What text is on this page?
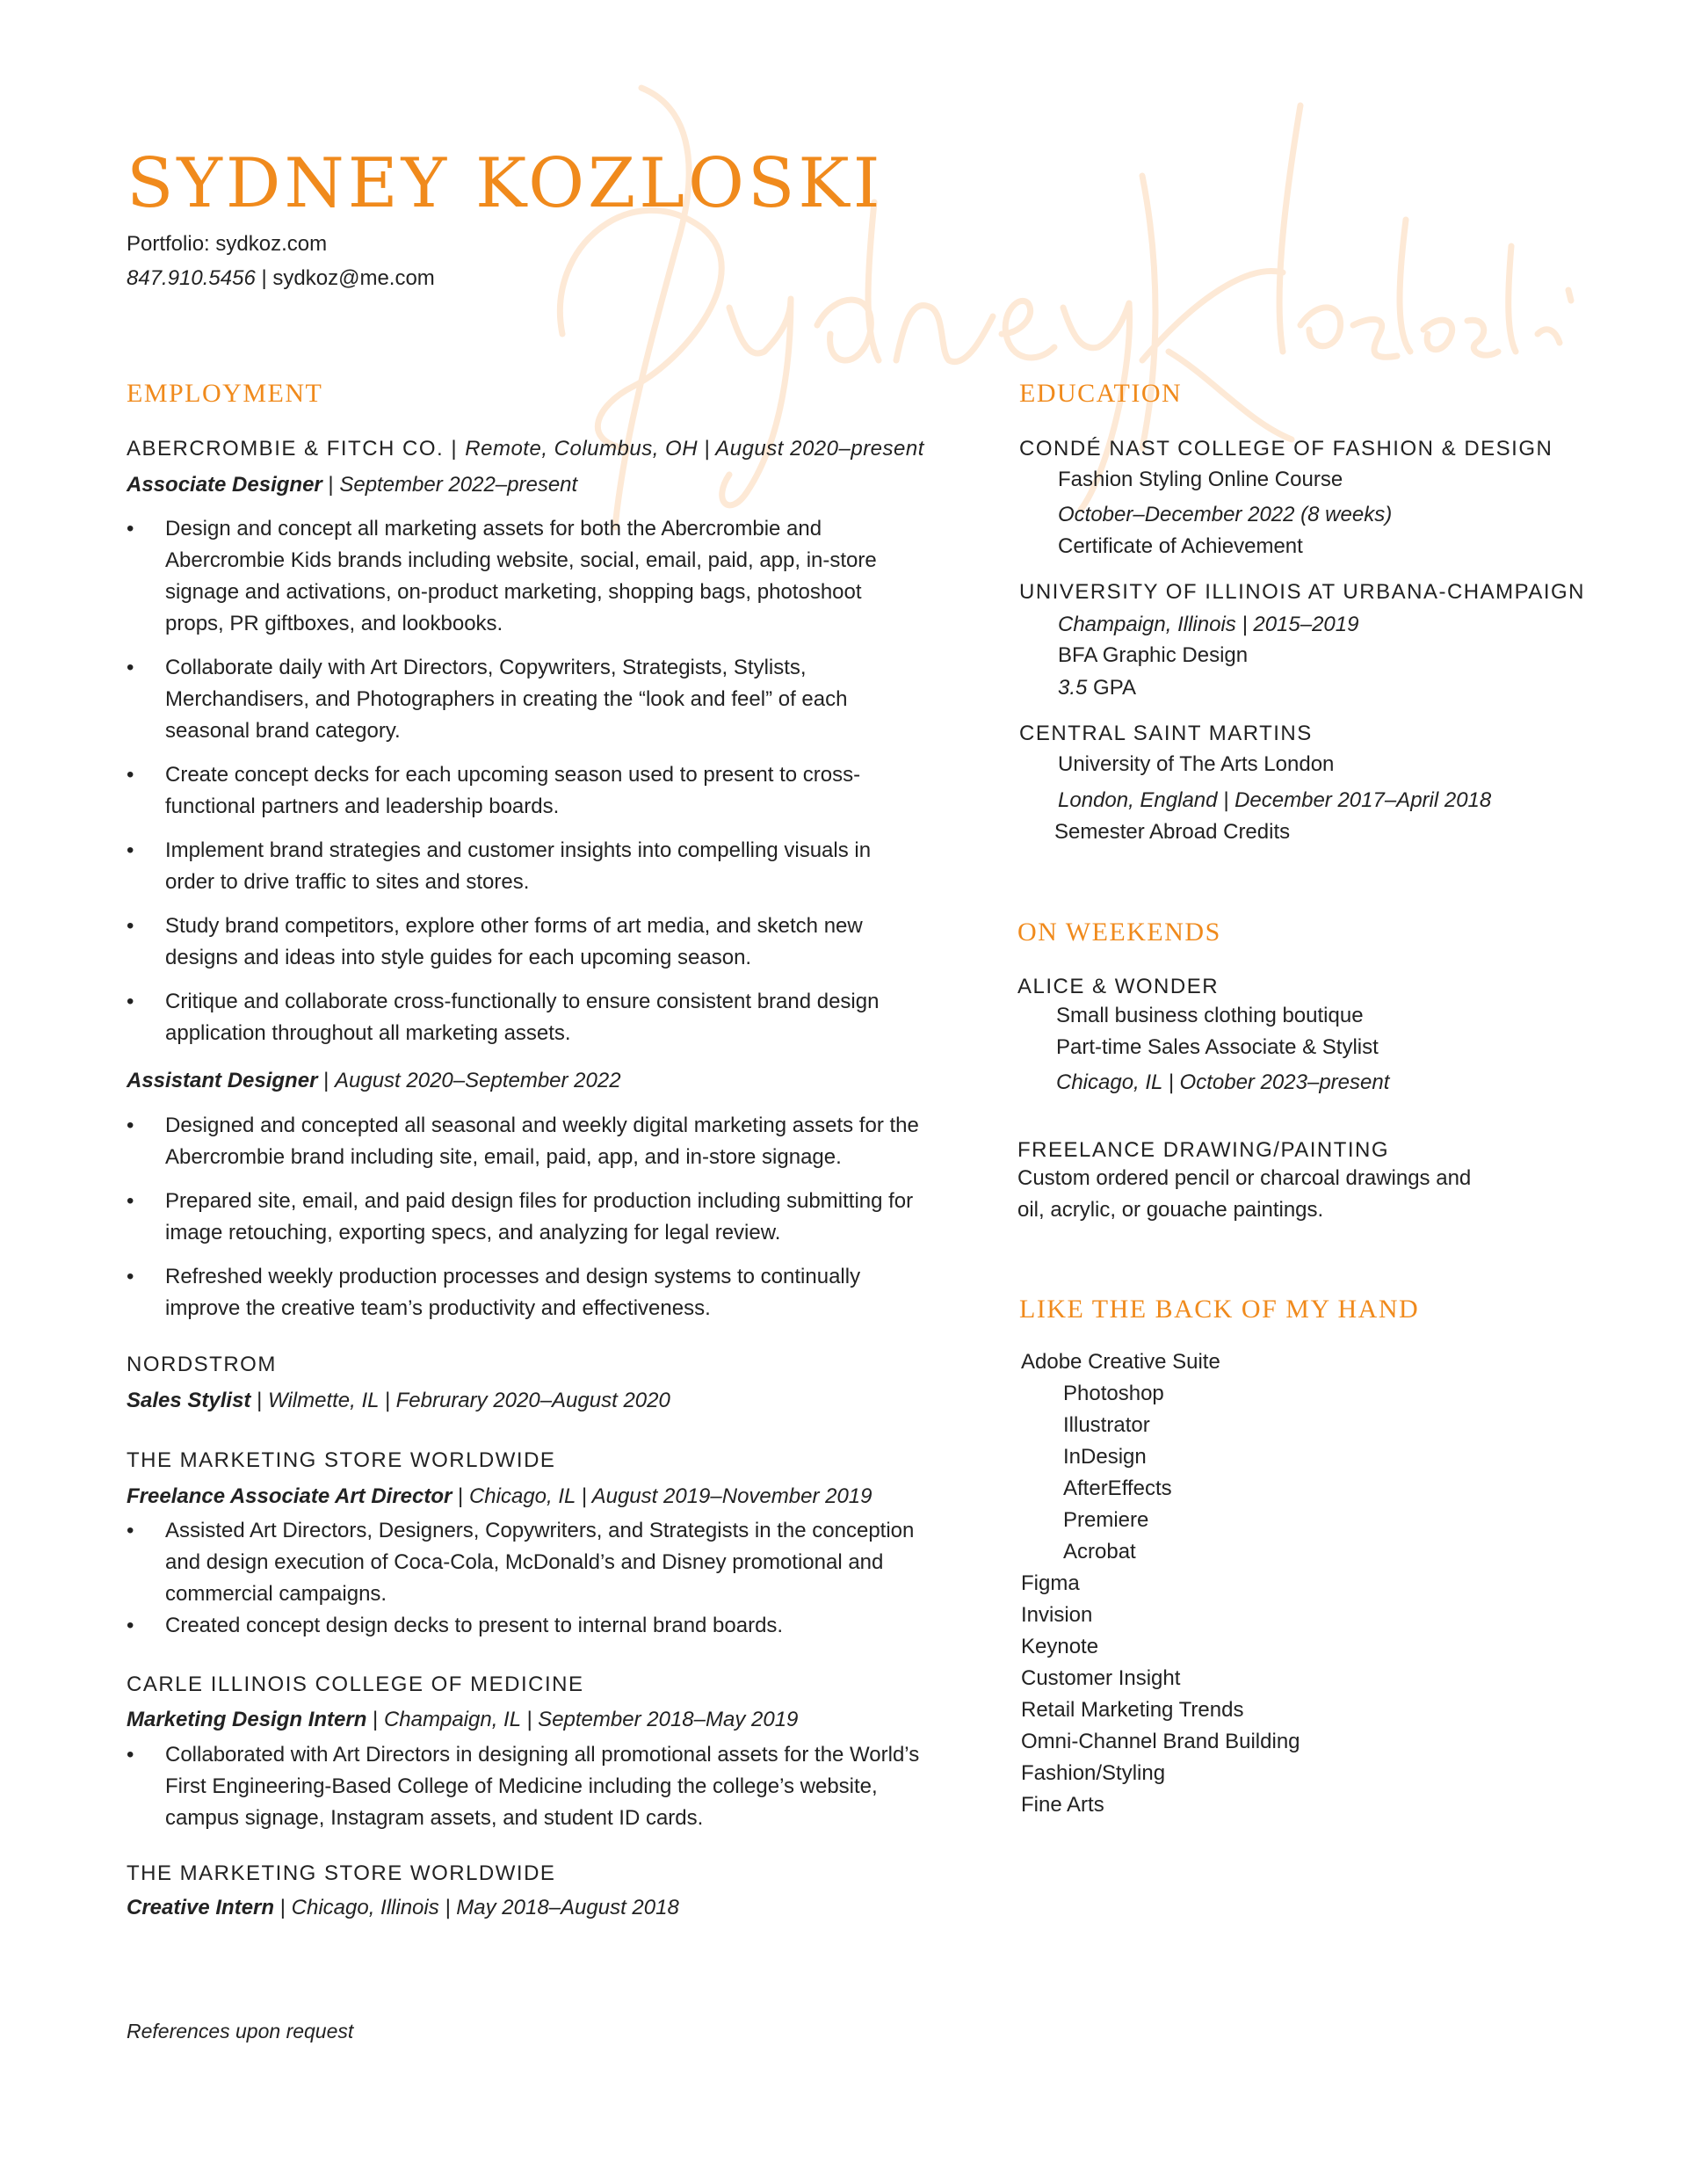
SYDNEY KOZLOSKI
Portfolio: sydkoz.com
847.910.5456 | sydkoz@me.com
EMPLOYMENT
ABERCROMBIE & FITCH CO. | Remote, Columbus, OH | August 2020–present
Associate Designer | September 2022–present
• Design and concept all marketing assets for both the Abercrombie and Abercrombie Kids brands including website, social, email, paid, app, in-store signage and activations, on-product marketing, shopping bags, photoshoot props, PR giftboxes, and lookbooks.
• Collaborate daily with Art Directors, Copywriters, Strategists, Stylists, Merchandisers, and Photographers in creating the “look and feel” of each seasonal brand category.
• Create concept decks for each upcoming season used to present to cross-functional partners and leadership boards.
• Implement brand strategies and customer insights into compelling visuals in order to drive traffic to sites and stores.
• Study brand competitors, explore other forms of art media, and sketch new designs and ideas into style guides for each upcoming season.
• Critique and collaborate cross-functionally to ensure consistent brand design application throughout all marketing assets.
Assistant Designer | August 2020–September 2022
• Designed and concepted all seasonal and weekly digital marketing assets for the Abercrombie brand including site, email, paid, app, and in-store signage.
• Prepared site, email, and paid design files for production including submitting for image retouching, exporting specs, and analyzing for legal review.
• Refreshed weekly production processes and design systems to continually improve the creative team’s productivity and effectiveness.
NORDSTROM
Sales Stylist | Wilmette, IL | Februrary 2020–August 2020
THE MARKETING STORE WORLDWIDE
Freelance Associate Art Director | Chicago, IL | August 2019–November 2019
• Assisted Art Directors, Designers, Copywriters, and Strategists in the conception and design execution of Coca-Cola, McDonald’s and Disney promotional and commercial campaigns.
• Created concept design decks to present to internal brand boards.
CARLE ILLINOIS COLLEGE OF MEDICINE
Marketing Design Intern | Champaign, IL | September 2018–May 2019
• Collaborated with Art Directors in designing all promotional assets for the World’s First Engineering-Based College of Medicine including the college’s website, campus signage, Instagram assets, and student ID cards.
THE MARKETING STORE WORLDWIDE
Creative Intern | Chicago, Illinois | May 2018–August 2018
EDUCATION
CONDÉ NAST COLLEGE OF FASHION & DESIGN
Fashion Styling Online Course
October–December 2022 (8 weeks)
Certificate of Achievement
UNIVERSITY OF ILLINOIS AT URBANA-CHAMPAIGN
Champaign, Illinois | 2015–2019
BFA Graphic Design
3.5 GPA
CENTRAL SAINT MARTINS
University of The Arts London
London, England | December 2017–April 2018
Semester Abroad Credits
ON WEEKENDS
ALICE & WONDER
Small business clothing boutique
Part-time Sales Associate & Stylist
Chicago, IL | October 2023–present
FREELANCE DRAWING/PAINTING
Custom ordered pencil or charcoal drawings and
oil, acrylic, or gouache paintings.
LIKE THE BACK OF MY HAND
Adobe Creative Suite
Photoshop
Illustrator
InDesign
AfterEffects
Premiere
Acrobat
Figma
Invision
Keynote
Customer Insight
Retail Marketing Trends
Omni-Channel Brand Building
Fashion/Styling
Fine Arts
References upon request
